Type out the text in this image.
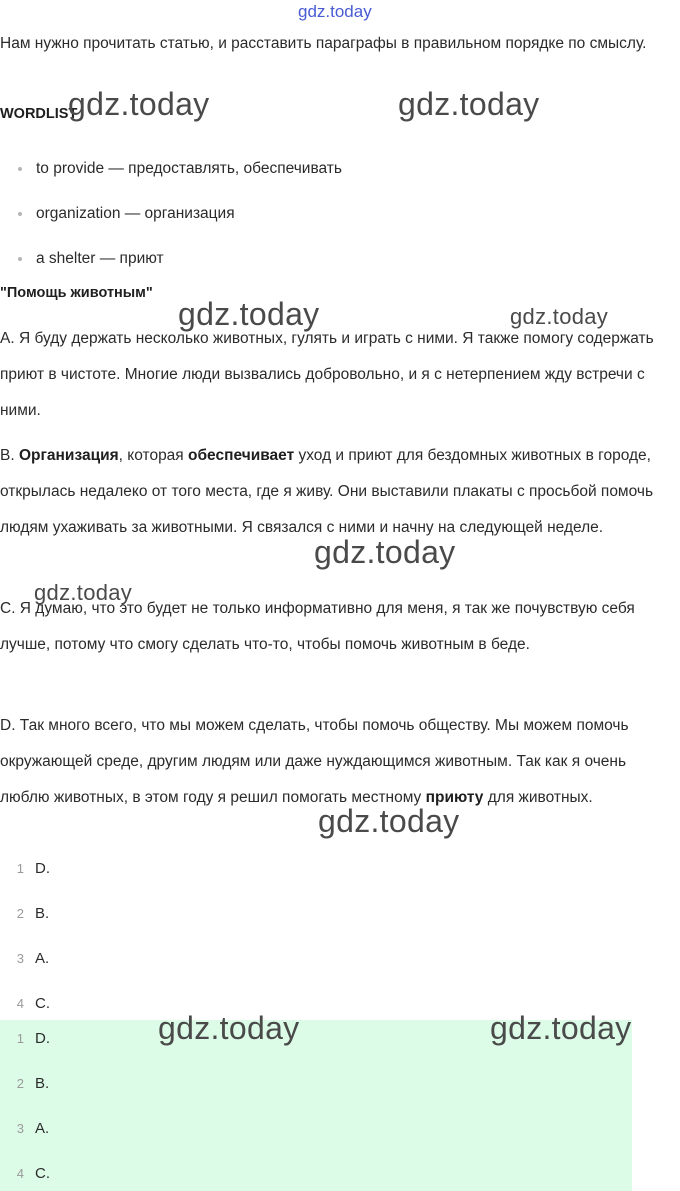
Нам нужно прочитать статью, и расставить параграфы в правильном порядке по смыслу.

WORDLIST
to provide — предоставлять, обеспечивать
organization — организация
a shelter — приют
"Помощь животным"

A. Я буду держать несколько животных, гулять и играть с ними. Я также помогу содержать приют в чистоте. Многие люди вызвались добровольно, и я с нетерпением жду встречи с ними.

B. Организация, которая обеспечивает уход и приют для бездомных животных в городе, открылась недалеко от того места, где я живу. Они выставили плакаты с просьбой помочь людям ухаживать за животными. Я связался с ними и начну на следующей неделе.

C. Я думаю, что это будет не только информативно для меня, я так же почувствую себя лучше, потому что смогу сделать что-то, чтобы помочь животным в беде.

D. Так много всего, что мы можем сделать, чтобы помочь обществу. Мы можем помочь окружающей среде, другим людям или даже нуждающимся животным. Так как я очень люблю животных, в этом году я решил помогать местному приюту для животных.

1 D.
2 B.
3 A.
4 C.
1 D.
2 B.
3 A.
4 C.
gdz.today
gdz.today	gdz.today
gdz.today	gdz.today
gdz.today
gdz.today
gdz.today
gdz.today	gdz.today
